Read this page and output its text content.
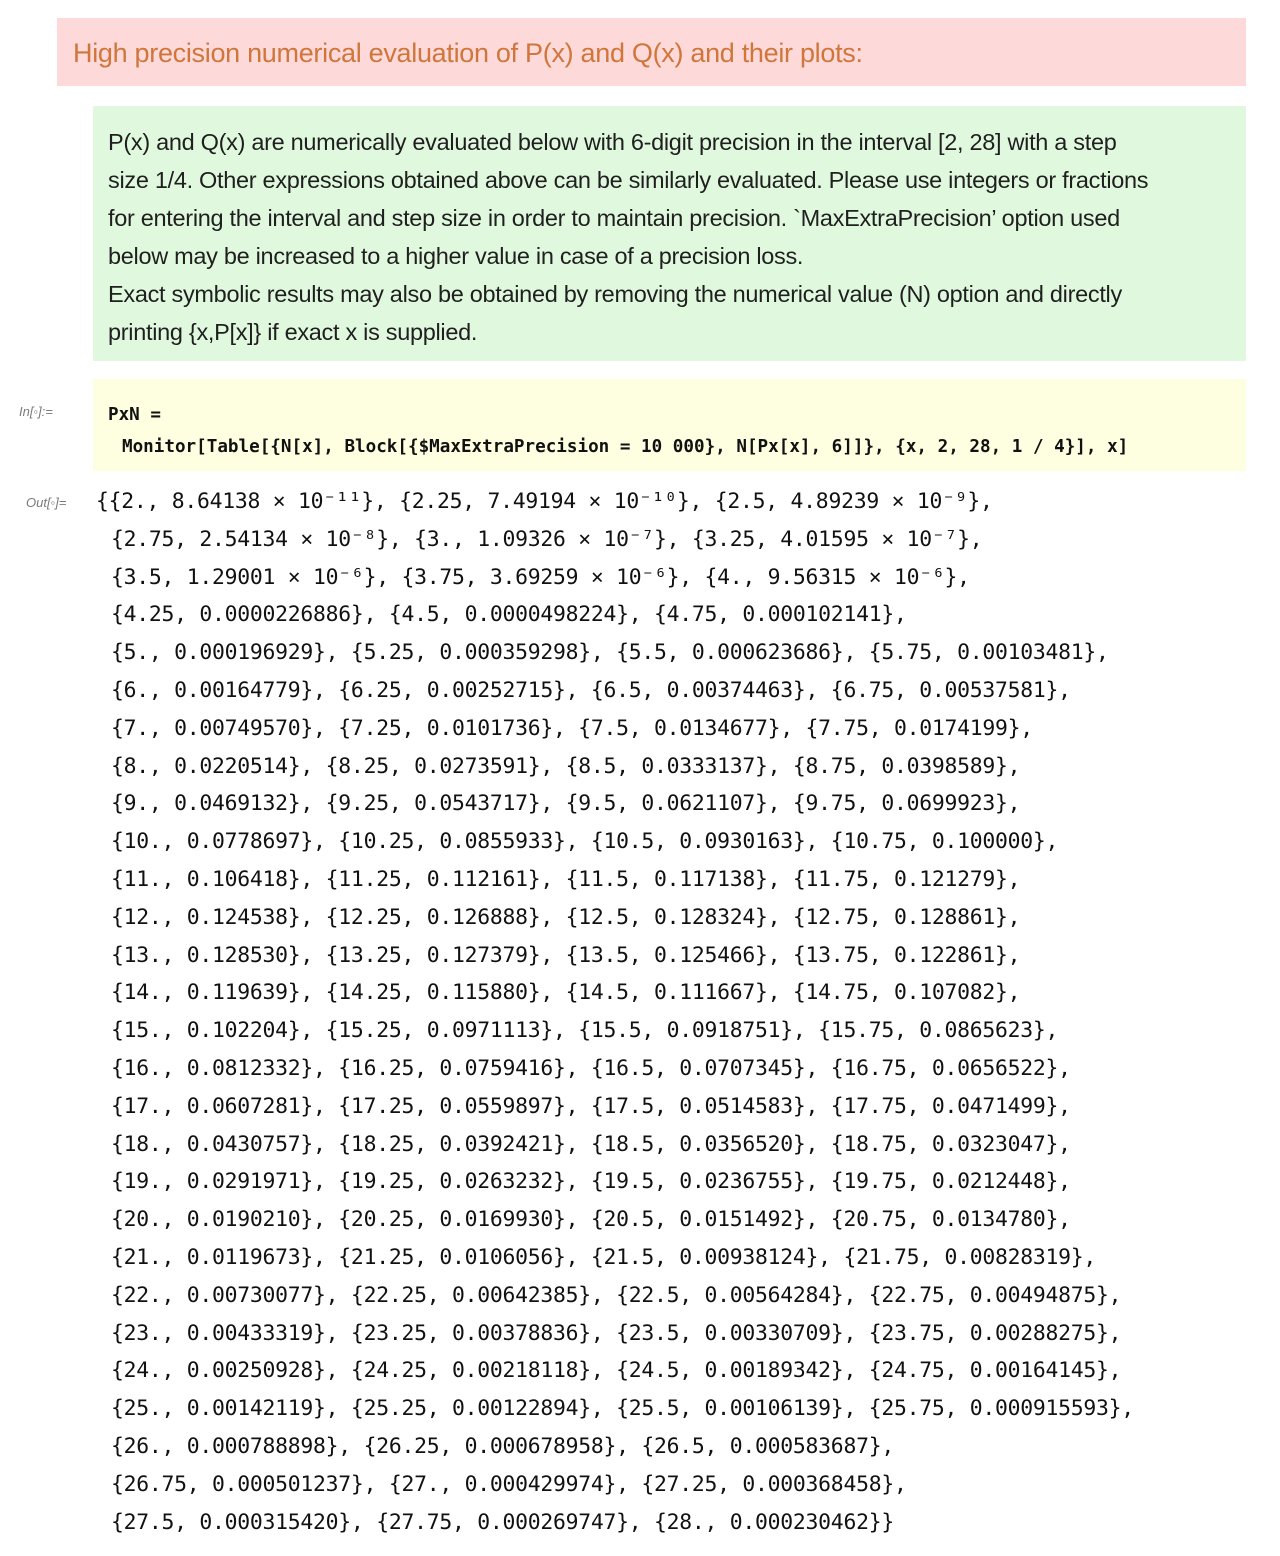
High precision numerical evaluation of P(x) and Q(x) and their plots:
P(x) and Q(x) are numerically evaluated below with 6-digit precision in the interval [2, 28] with a step
size 1/4. Other expressions obtained above can be similarly evaluated. Please use integers or fractions
for entering the interval and step size in order to maintain precision. `MaxExtraPrecision’ option used
below may be increased to a higher value in case of a precision loss.
Exact symbolic results may also be obtained by removing the numerical value (N) option and directly
printing {x,P[x]} if exact x is supplied.
In[◦]:=	PxN =
Monitor[Table[{N[x], Block[{$MaxExtraPrecision = 10 000}, N[Px[x], 6]]}, {x, 2, 28, 1 / 4}], x]
Out[◦]= {{2., 8.64138 × 10⁻¹¹}, {2.25, 7.49194 × 10⁻¹⁰}, {2.5, 4.89239 × 10⁻⁹},
{2.75, 2.54134 × 10⁻⁸}, {3., 1.09326 × 10⁻⁷}, {3.25, 4.01595 × 10⁻⁷},
{3.5, 1.29001 × 10⁻⁶}, {3.75, 3.69259 × 10⁻⁶}, {4., 9.56315 × 10⁻⁶},
{4.25, 0.0000226886}, {4.5, 0.0000498224}, {4.75, 0.000102141},
{5., 0.000196929}, {5.25, 0.000359298}, {5.5, 0.000623686}, {5.75, 0.00103481},
{6., 0.00164779}, {6.25, 0.00252715}, {6.5, 0.00374463}, {6.75, 0.00537581},
{7., 0.00749570}, {7.25, 0.0101736}, {7.5, 0.0134677}, {7.75, 0.0174199},
{8., 0.0220514}, {8.25, 0.0273591}, {8.5, 0.0333137}, {8.75, 0.0398589},
{9., 0.0469132}, {9.25, 0.0543717}, {9.5, 0.0621107}, {9.75, 0.0699923},
{10., 0.0778697}, {10.25, 0.0855933}, {10.5, 0.0930163}, {10.75, 0.100000},
{11., 0.106418}, {11.25, 0.112161}, {11.5, 0.117138}, {11.75, 0.121279},
{12., 0.124538}, {12.25, 0.126888}, {12.5, 0.128324}, {12.75, 0.128861},
{13., 0.128530}, {13.25, 0.127379}, {13.5, 0.125466}, {13.75, 0.122861},
{14., 0.119639}, {14.25, 0.115880}, {14.5, 0.111667}, {14.75, 0.107082},
{15., 0.102204}, {15.25, 0.0971113}, {15.5, 0.0918751}, {15.75, 0.0865623},
{16., 0.0812332}, {16.25, 0.0759416}, {16.5, 0.0707345}, {16.75, 0.0656522},
{17., 0.0607281}, {17.25, 0.0559897}, {17.5, 0.0514583}, {17.75, 0.0471499},
{18., 0.0430757}, {18.25, 0.0392421}, {18.5, 0.0356520}, {18.75, 0.0323047},
{19., 0.0291971}, {19.25, 0.0263232}, {19.5, 0.0236755}, {19.75, 0.0212448},
{20., 0.0190210}, {20.25, 0.0169930}, {20.5, 0.0151492}, {20.75, 0.0134780},
{21., 0.0119673}, {21.25, 0.0106056}, {21.5, 0.00938124}, {21.75, 0.00828319},
{22., 0.00730077}, {22.25, 0.00642385}, {22.5, 0.00564284}, {22.75, 0.00494875},
{23., 0.00433319}, {23.25, 0.00378836}, {23.5, 0.00330709}, {23.75, 0.00288275},
{24., 0.00250928}, {24.25, 0.00218118}, {24.5, 0.00189342}, {24.75, 0.00164145},
{25., 0.00142119}, {25.25, 0.00122894}, {25.5, 0.00106139}, {25.75, 0.000915593},
{26., 0.000788898}, {26.25, 0.000678958}, {26.5, 0.000583687},
{26.75, 0.000501237}, {27., 0.000429974}, {27.25, 0.000368458},
{27.5, 0.000315420}, {27.75, 0.000269747}, {28., 0.000230462}}
